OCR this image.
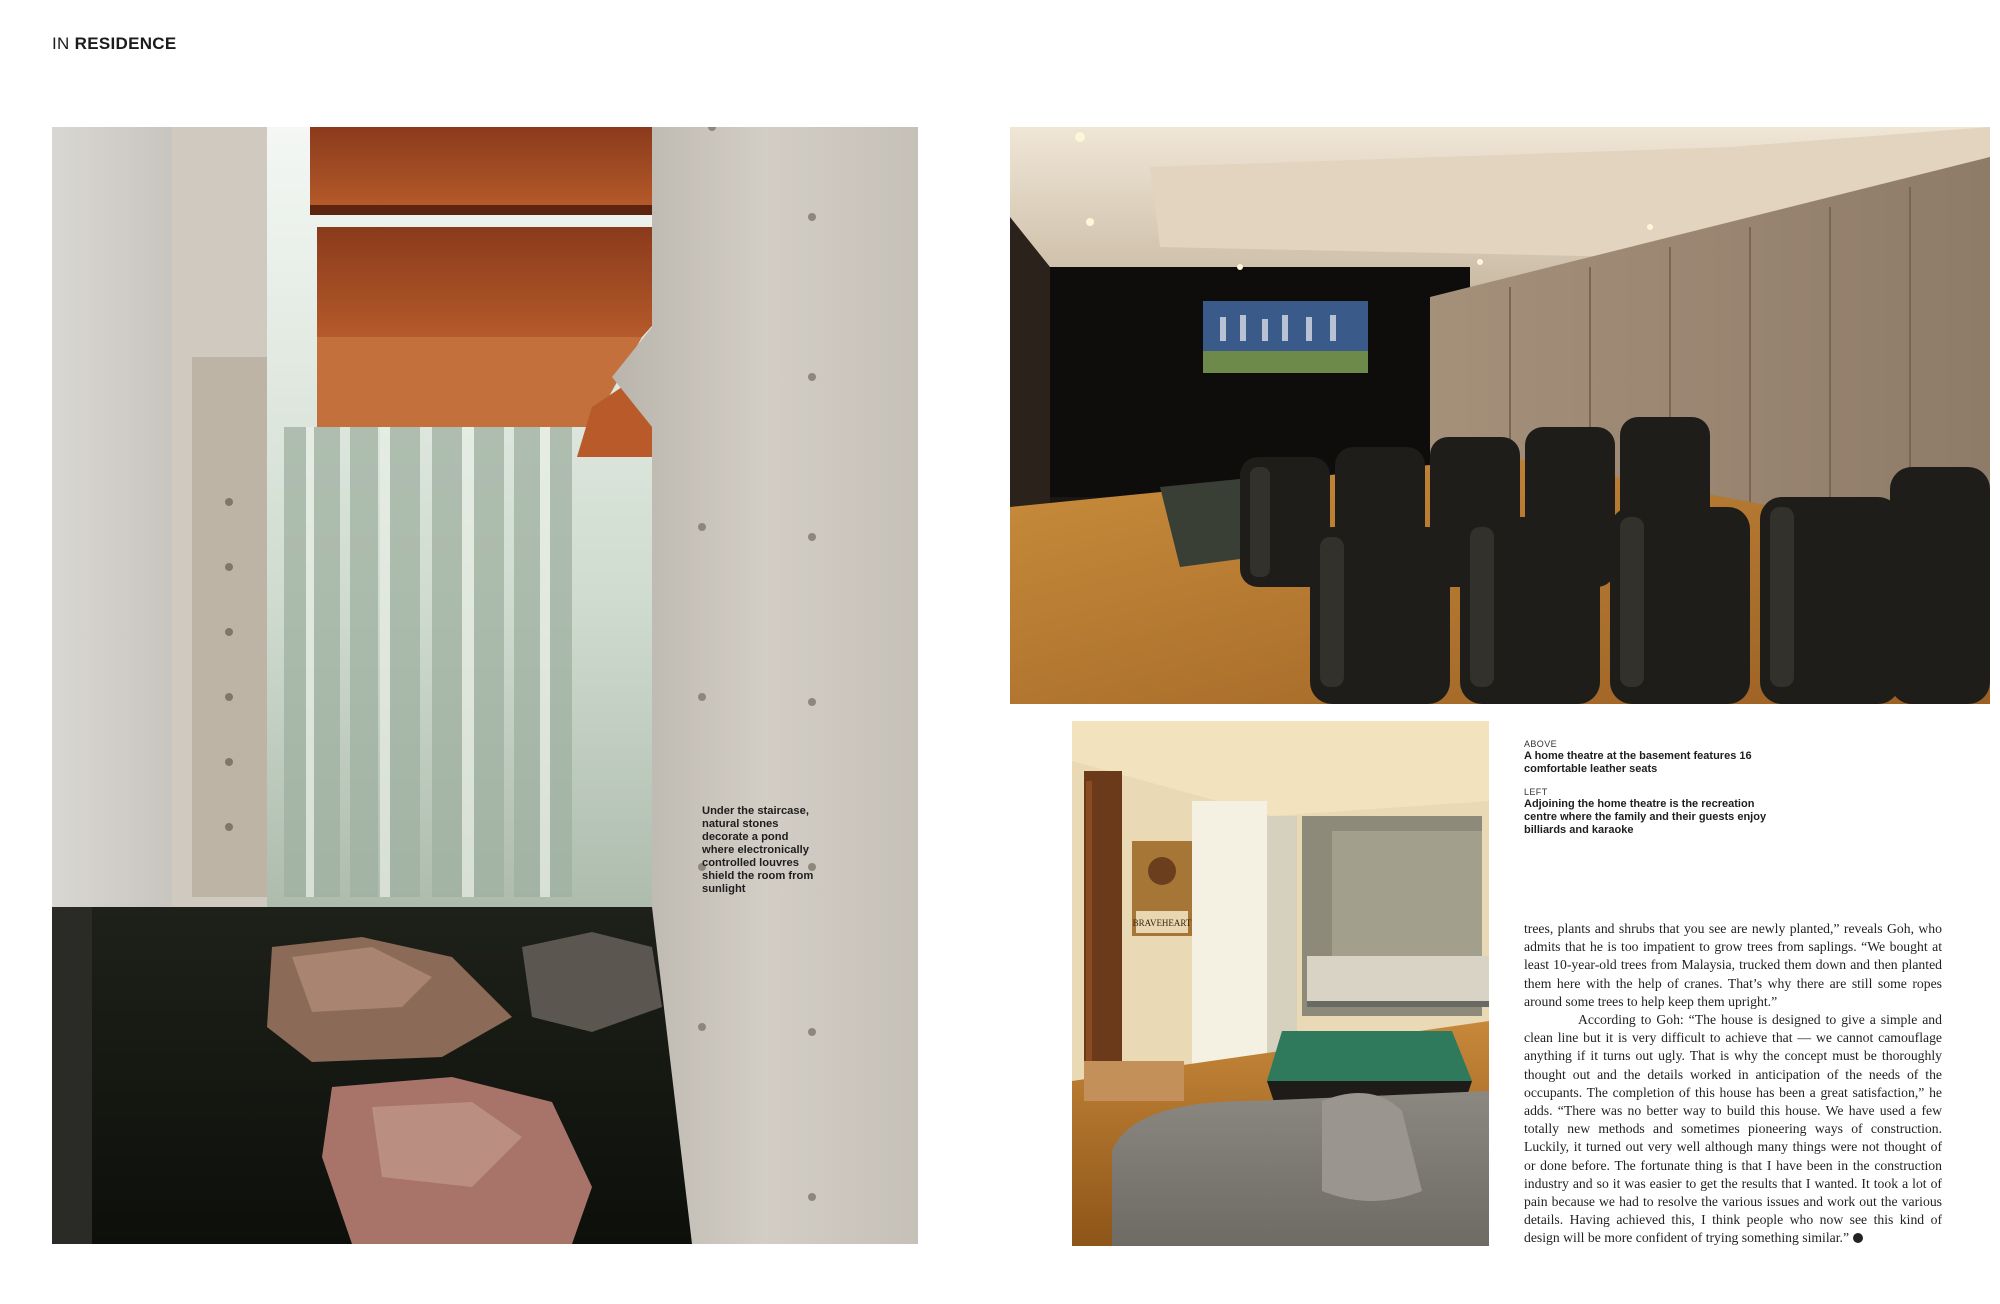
IN RESIDENCE
Under the staircase, natural stones decorate a pond where electronically controlled louvres shield the room from sunlight
BRAVEHEART
ABOVE
A home theatre at the basement features 16 comfortable leather seats
LEFT
Adjoining the home theatre is the recreation centre where the family and their guests enjoy billiards and karaoke

trees, plants and shrubs that you see are newly planted,” reveals Goh, who admits that he is too impatient to grow trees from saplings. “We bought at least 10-year-old trees from Malaysia, trucked them down and then planted them here with the help of cranes. That’s why there are still some ropes around some trees to help keep them upright.”

According to Goh: “The house is designed to give a simple and clean line but it is very difficult to achieve that — we cannot camouflage anything if it turns out ugly. That is why the concept must be thoroughly thought out and the details worked in anticipation of the needs of the occupants. The completion of this house has been a great satisfaction,” he adds. “There was no better way to build this house. We have used a few totally new methods and sometimes pioneering ways of construction. Luckily, it turned out very well although many things were not thought of or done before. The fortunate thing is that I have been in the construction industry and so it was easier to get the results that I wanted. It took a lot of pain because we had to resolve the various issues and work out the various details. Having achieved this, I think people who now see this kind of design will be more confident of trying something similar.”
